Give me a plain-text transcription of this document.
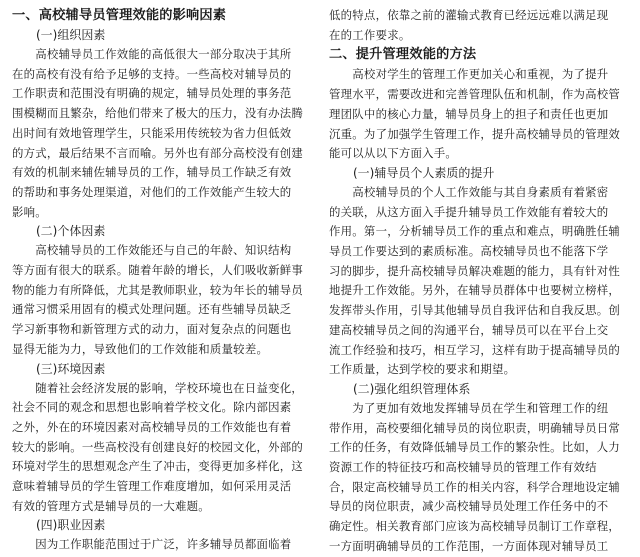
一、高校辅导员管理效能的影响因素
(一)组织因素
　　高校辅导员工作效能的高低很大一部分取决于其所
在的高校有没有给予足够的支持。一些高校对辅导员的
工作职责和范围没有明确的规定，辅导员处理的事务范
围模糊而且繁杂，给他们带来了极大的压力，没有办法腾
出时间有效地管理学生，只能采用传统较为省力但低效
的方式，最后结果不言而喻。另外也有部分高校没有创建
有效的机制来辅佐辅导员的工作，辅导员工作缺乏有效
的帮助和事务处理渠道，对他们的工作效能产生较大的
影响。
(二)个体因素
　　高校辅导员的工作效能还与自己的年龄、知识结构
等方面有很大的联系。随着年龄的增长，人们吸收新鲜事
物的能力有所降低，尤其是教师职业，较为年长的辅导员
通常习惯采用固有的模式处理问题。还有些辅导员缺乏
学习新事物和新管理方式的动力，面对复杂点的问题也
显得无能为力，导致他们的工作效能和质量较差。
(三)环境因素
　　随着社会经济发展的影响，学校环境也在日益变化，
社会不同的观念和思想也影响着学校文化。除内部因素
之外，外在的环境因素对高校辅导员的工作效能也有着
较大的影响。一些高校没有创建良好的校园文化，外部的
环境对学生的思想观念产生了冲击，变得更加多样化，这
意味着辅导员的学生管理工作难度增加，如何采用灵活
有效的管理方式是辅导员的一大难题。
(四)职业因素
　　因为工作职能范围过于广泛，许多辅导员都面临着
低的特点，依靠之前的灌输式教育已经远远难以满足现
在的工作要求。
二、提升管理效能的方法
　　高校对学生的管理工作更加关心和重视，为了提升
管理水平，需要改进和完善管理队伍和机制，作为高校管
理团队中的核心力量，辅导员身上的担子和责任也更加
沉重。为了加强学生管理工作，提升高校辅导员的管理效
能可以从以下方面入手。
(一)辅导员个人素质的提升
　　高校辅导员的个人工作效能与其自身素质有着紧密
的关联，从这方面入手提升辅导员工作效能有着较大的
作用。第一，分析辅导员工作的重点和难点，明确胜任辅
导员工作要达到的素质标准。高校辅导员也不能落下学
习的脚步，提升高校辅导员解决难题的能力，具有针对性
地提升工作效能。另外，在辅导员群体中也要树立榜样，
发挥带头作用，引导其他辅导员自我评估和自我反思。创
建高校辅导员之间的沟通平台，辅导员可以在平台上交
流工作经验和技巧，相互学习，这样有助于提高辅导员的
工作质量，达到学校的要求和期望。
(二)强化组织管理体系
　　为了更加有效地发挥辅导员在学生和管理工作的纽
带作用，高校要细化辅导员的岗位职责，明确辅导员日常
工作的任务，有效降低辅导员工作的繁杂性。比如，人力
资源工作的特征技巧和高校辅导员的管理工作有效结
合，限定高校辅导员工作的相关内容，科学合理地设定辅
导员的岗位职责，减少高校辅导员处理工作任务中的不
确定性。相关教育部门应该为高校辅导员制订工作章程，
一方面明确辅导员的工作范围，一方面体现对辅导员工
